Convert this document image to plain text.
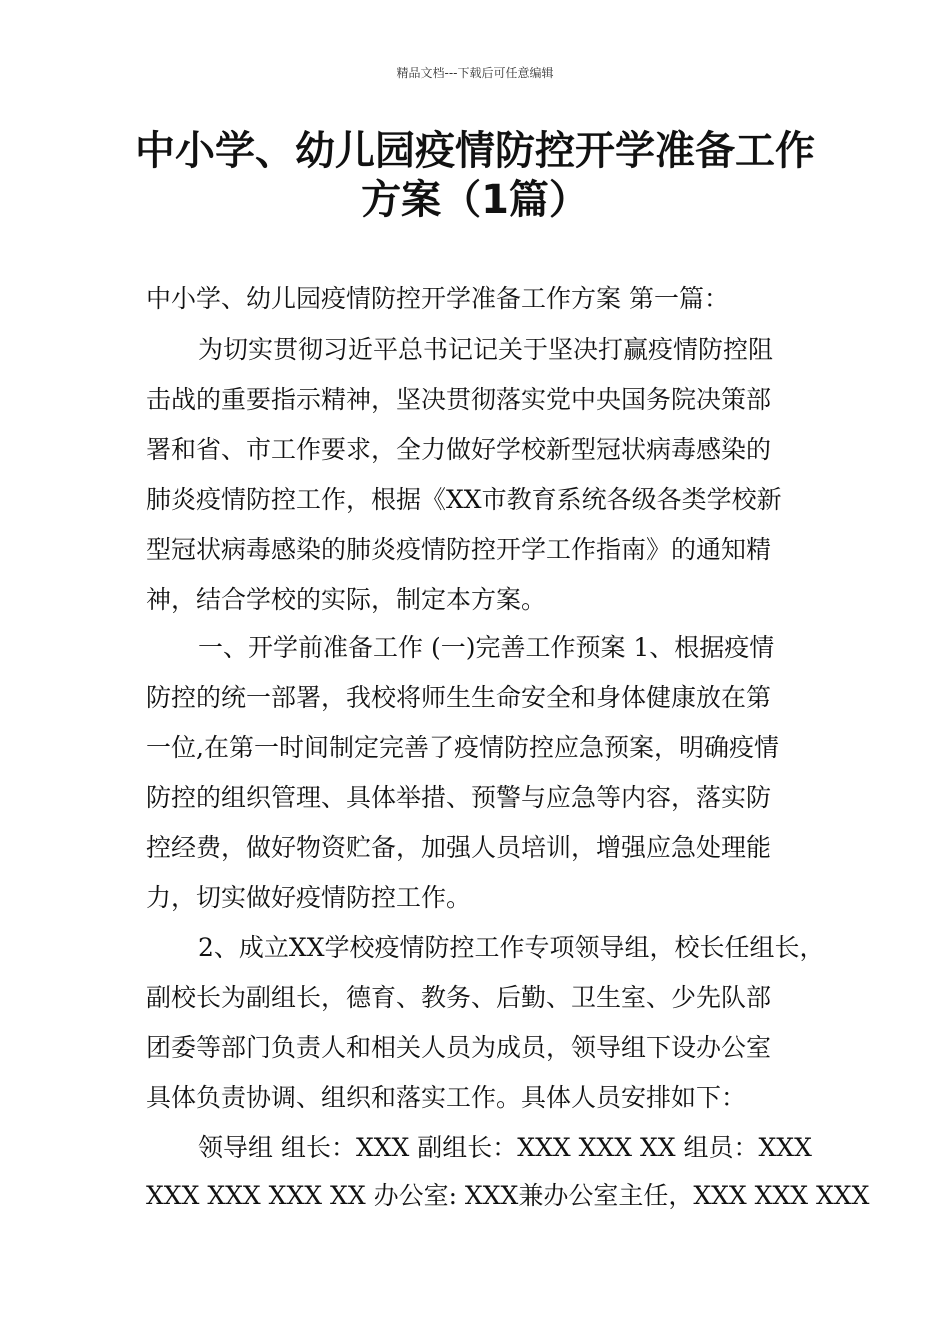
精品文档---下载后可任意编辑
中小学、幼儿园疫情防控开学准备工作
方案（1篇）
中小学、幼儿园疫情防控开学准备工作方案 第一篇：
为切实贯彻习近平总书记记关于坚决打赢疫情防控阻
击战的重要指示精神，坚决贯彻落实党中央国务院决策部
署和省、市工作要求，全力做好学校新型冠状病毒感染的
肺炎疫情防控工作，根据《XX市教育系统各级各类学校新
型冠状病毒感染的肺炎疫情防控开学工作指南》的通知精
神，结合学校的实际，制定本方案。
一、开学前准备工作 (一)完善工作预案 1、根据疫情
防控的统一部署，我校将师生生命安全和身体健康放在第
一位,在第一时间制定完善了疫情防控应急预案，明确疫情
防控的组织管理、具体举措、预警与应急等内容，落实防
控经费，做好物资贮备，加强人员培训，增强应急处理能
力，切实做好疫情防控工作。
2、成立XX学校疫情防控工作专项领导组，校长任组长，
副校长为副组长，德育、教务、后勤、卫生室、少先队部
团委等部门负责人和相关人员为成员，领导组下设办公室
具体负责协调、组织和落实工作。具体人员安排如下：
领导组 组长：XXX 副组长：XXX XXX XX 组员：XXX
XXX XXX XXX XX 办公室: XXX兼办公室主任，XXX XXX XXX
